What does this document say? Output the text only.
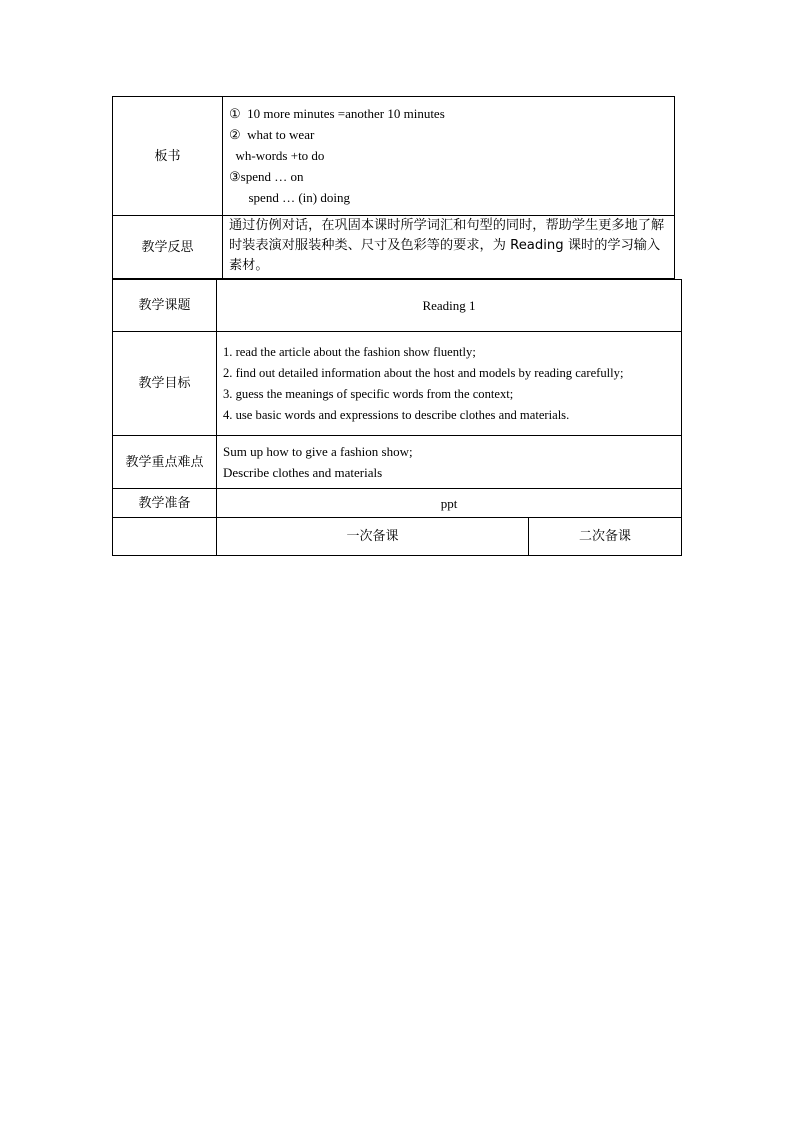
板书	①  10 more minutes =another 10 minutes
②  what to wear
wh-words +to do
③spend … on
spend … (in) doing

教学反思	通过仿例对话，在巩固本课时所学词汇和句型的同时，帮助学生更多地了解时装表演对服装种类、尺寸及色彩等的要求，为 Reading 课时的学习输入素材。
教学课题	Reading 1	
教学目标	1. read the article about the fashion show fluently;
2. find out detailed information about the host and models by reading carefully;
3. guess the meanings of specific words from the context;
4. use basic words and expressions to describe clothes and materials.	

教学重点难点	Sum up how to give a fashion show;
Describe clothes and materials	

教学准备	ppt	
	一次备课	二次备课
